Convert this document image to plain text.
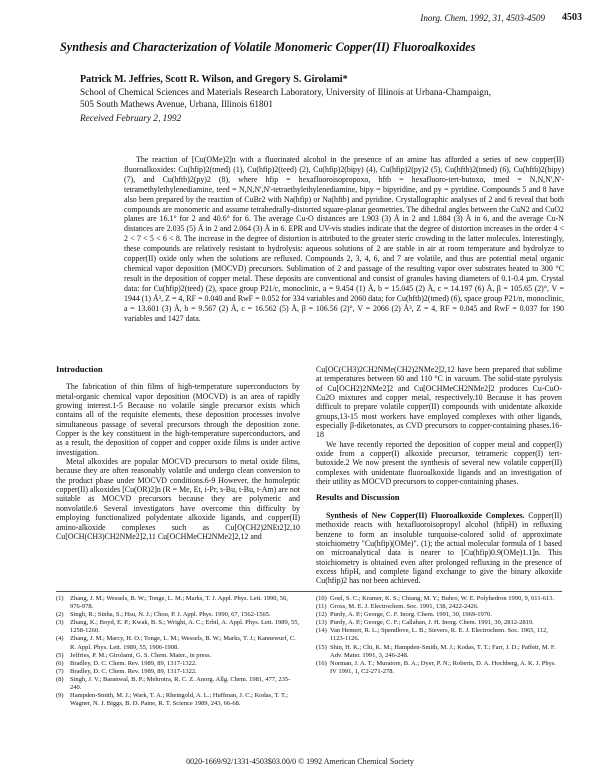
Inorg. Chem. 1992, 31, 4503-4509 4503
Synthesis and Characterization of Volatile Monomeric Copper(II) Fluoroalkoxides
Patrick M. Jeffries, Scott R. Wilson, and Gregory S. Girolami*
School of Chemical Sciences and Materials Research Laboratory, University of Illinois at Urbana-Champaign, 505 South Mathews Avenue, Urbana, Illinois 61801
Received February 2, 1992
The reaction of [Cu(OMe)2]n with a fluorinated alcohol in the presence of an amine has afforded a series of new copper(II) fluoroalkoxides: Cu(hfip)2(tmed) (1), Cu(hfip)2(teed) (2), Cu(hfip)2(bipy) (4), Cu(hfip)2(py)2 (5), Cu(hftb)2(tmed) (6), Cu(hftb)2(bipy) (7), and Cu(hftb)2(py)2 (8), where hfip = hexafluoroisopropoxo, hftb = hexafluoro-tert-butoxo, tmed = N,N,N',N'-tetramethylethylenediamine, teed = N,N,N',N'-tetraethylethylenediamine, bipy = bipyridine, and py = pyridine. Compounds 5 and 8 have also been prepared by the reaction of CuBr2 with Na(hfip) or Na(hftb) and pyridine. Crystallographic analyses of 2 and 6 reveal that both compounds are monomeric and assume tetrahedrally-distorted square-planar geometries. The dihedral angles between the CuN2 and CuO2 planes are 16.1° for 2 and 40.6° for 6. The average Cu-O distances are 1.903 (3) Å in 2 and 1.884 (3) Å in 6, and the average Cu-N distances are 2.035 (5) Å in 2 and 2.064 (3) Å in 6. EPR and UV-vis studies indicate that the degree of distortion increases in the order 4 < 2 < 7 < 5 < 6 < 8. The increase in the degree of distortion is attributed to the greater steric crowding in the latter molecules. Interestingly, these compounds are relatively resistant to hydrolysis: aqueous solutions of 2 are stable in air at room temperature and hydrolyze to copper(II) oxide only when the solutions are refluxed. Compounds 2, 3, 4, 6, and 7 are volatile, and thus are potential metal organic chemical vapor deposition (MOCVD) precursors. Sublimation of 2 and passage of the resulting vapor over substrates heated to 300 °C result in the deposition of copper metal. These deposits are conventional and consist of granules having diameters of 0.1-0.4 µm. Crystal data: for Cu(hfip)2(teed) (2), space group P21/c, monoclinic, a = 9.454 (1) Å, b = 15.045 (2) Å, c = 14.197 (6) Å, β = 105.65 (2)°, V = 1944 (1) Å³, Z = 4, RF = 0.040 and RwF = 0.052 for 334 variables and 2060 data; for Cu(hftb)2(tmed) (6), space group P21/n, monoclinic, a = 13.601 (3) Å, b = 9.567 (2) Å, c = 16.562 (5) Å, β = 106.56 (2)°, V = 2066 (2) Å³, Z = 4, RF = 0.045 and RwF = 0.037 for 190 variables and 1427 data.
Introduction

The fabrication of thin films of high-temperature superconductors by metal-organic chemical vapor deposition (MOCVD) is an area of rapidly growing interest.1-5 Because no volatile single precursor exists which contains all of the requisite elements, these deposition processes involve simultaneous passage of several precursors through the deposition zone. Copper is the key constituent in the high-temperature superconductors, and as a result, the deposition of copper and copper oxide films is under active investigation.

Metal alkoxides are popular MOCVD precursors to metal oxide films, because they are often reasonably volatile and undergo clean conversion to the product phase under MOCVD conditions.6-9 However, the homoleptic copper(II) alkoxides [Cu(OR)2]n (R = Me, Et, i-Pr, s-Bu, t-Bu, t-Am) are not suitable as MOCVD precursors because they are polymeric and nonvolatile.6 Several investigators have overcome this difficulty by employing functionalized polydentate alkoxide ligands, and copper(II) amino-alkoxide complexes such as Cu[O(CH2)2NEt2]2,10 Cu[OCH(CH3)CH2NMe2]2,11 Cu[OCHMeCH2NMe2]2,12 and

Cu[OC(CH3)2CH2NMe(CH2)2NMe2]2,12 have been prepared that sublime at temperatures between 60 and 110 °C in vacuum. The solid-state pyrolysis of Cu[OCH2)2NMe2]2 and Cu[OCHMeCH2NMe2]2 produces Cu-CuO-Cu2O mixtures and copper metal, respectively.10 Because it has proven difficult to prepare volatile copper(II) compounds with unidentate alkoxide groups,13-15 most workers have employed complexes with other ligands, especially β-diketonates, as CVD precursors to copper-containing phases.16-18

We have recently reported the deposition of copper metal and copper(I) oxide from a copper(I) alkoxide precursor, tetrameric copper(I) tert-butoxide.2 We now present the synthesis of several new volatile copper(II) complexes with unidentate fluoroalkoxide ligands and an investigation of their utility as MOCVD precursors to copper-containing phases.

Results and Discussion

Synthesis of New Copper(II) Fluoroalkoxide Complexes. Copper(II) methoxide reacts with hexafluoroisopropyl alcohol (hfipH) in refluxing benzene to form an insoluble turquoise-colored solid of approximate stoichiometry "Cu(hfip)(OMe)". (1); the actual molecular formula of 1 based on microanalytical data is nearer to [Cu(hfip)0.9(OMe)1.1]n. This stoichiometry is obtained even after prolonged refluxing in the presence of excess hfipH, and complete ligand exchange to give the binary alkoxide Cu(hfip)2 has not been achieved.

(1) Zhang, J. M.; Wessels, B. W.; Tonge, L. M.; Marks, T. J. Appl. Phys. Lett. 1990, 56, 976-978.
(2) Singh, R.; Sinha, S.; Hsu, N. J.; Chou, P. J. Appl. Phys. 1990, 67, 1562-1565.
(3) Zhang, K.; Boyd, E. P.; Kwak, B. S.; Wright, A. C.; Erbil, A. Appl. Phys. Lett. 1989, 55, 1258-1260.
(4) Zhang, J. M.; Marcy, H. O.; Tonge, L. M.; Wessels, B. W.; Marks, T. J.; Kannewurf, C. R. Appl. Phys. Lett. 1989, 55, 1906-1908.
(5) Jeffries, P. M.; Girolami, G. S. Chem. Mater., in press.
(6) Bradley, D. C. Chem. Rev. 1989, 89, 1317-1322.
(7) Bradley, D. C. Chem. Rev. 1989, 89, 1317-1322.
(8) Singh, J. V.; Baranwal, B. P.; Mehrotra, R. C. Z. Anorg. Allg. Chem. 1981, 477, 235-240.
(9) Hampden-Smith, M. J.; Wark, T. A.; Rheingold, A. L.; Huffman, J. C.; Kodas, T. T.; Wagner, N. J. Biggs, B. D. Paine, R. T. Science 1989, 243, 66-68.
(10) Goel, S. C.; Kramer, K. S.; Chiang, M. Y.; Buhro, W. E. Polyhedron 1990, 9, 611-613.
(11) Gross, M. E. J. Electrochem. Soc. 1991, 138, 2422-2426.
(12) Purdy, A. P.; George, C. F. Inorg. Chem. 1991, 30, 1969-1970.
(13) Purdy, A. P.; George, C. F.; Callahan, J. H. Inorg. Chem. 1991, 30, 2812-2819.
(14) Van Hemert, R. L.; Spendlove, L. B.; Sievers, R. E. J. Electrochem. Soc. 1965, 112, 1123-1126.
(15) Shin, H. K.; Chi, K. M.; Hampden-Smith, M. J.; Kodas, T. T.; Farr, J. D.; Paffett, M. F. Adv. Mater. 1991, 3, 246-248.
(16) Norman, J. A. T.; Muratore, B. A.; Dyer, P. N.; Roberts, D. A. Hochberg, A. K. J. Phys. IV 1991, 1, C2-271-278.
0020-1669/92/1331-4503$03.00/0 © 1992 American Chemical Society
